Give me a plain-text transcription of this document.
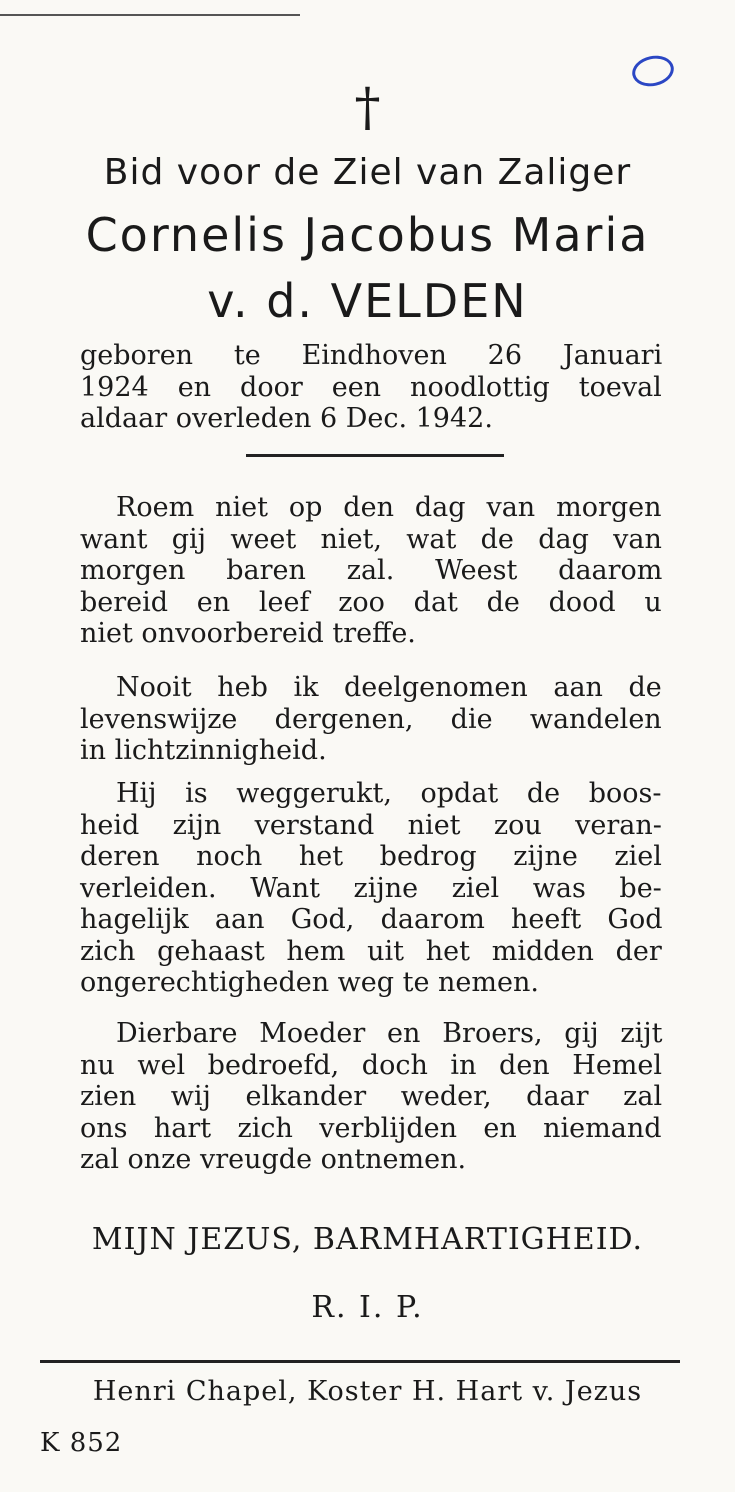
†
Bid voor de Ziel van Zaliger
Cornelis Jacobus Maria
v. d. VELDEN
geboren te Eindhoven 26 Januari
1924 en door een noodlottig toeval
aldaar overleden 6 Dec. 1942.
Roem niet op den dag van morgen
want gij weet niet, wat de dag van
morgen baren zal. Weest daarom
bereid en leef zoo dat de dood u
niet onvoorbereid treffe.
Nooit heb ik deelgenomen aan de
levenswijze dergenen, die wandelen
in lichtzinnigheid.
Hij is weggerukt, opdat de boos-
heid zijn verstand niet zou veran-
deren noch het bedrog zijne ziel
verleiden. Want zijne ziel was be-
hagelijk aan God, daarom heeft God
zich gehaast hem uit het midden der
ongerechtigheden weg te nemen.
Dierbare Moeder en Broers, gij zijt
nu wel bedroefd, doch in den Hemel
zien wij elkander weder, daar zal
ons hart zich verblijden en niemand
zal onze vreugde ontnemen.
MIJN JEZUS, BARMHARTIGHEID.
R. I. P.
Henri Chapel, Koster H. Hart v. Jezus
K 852
